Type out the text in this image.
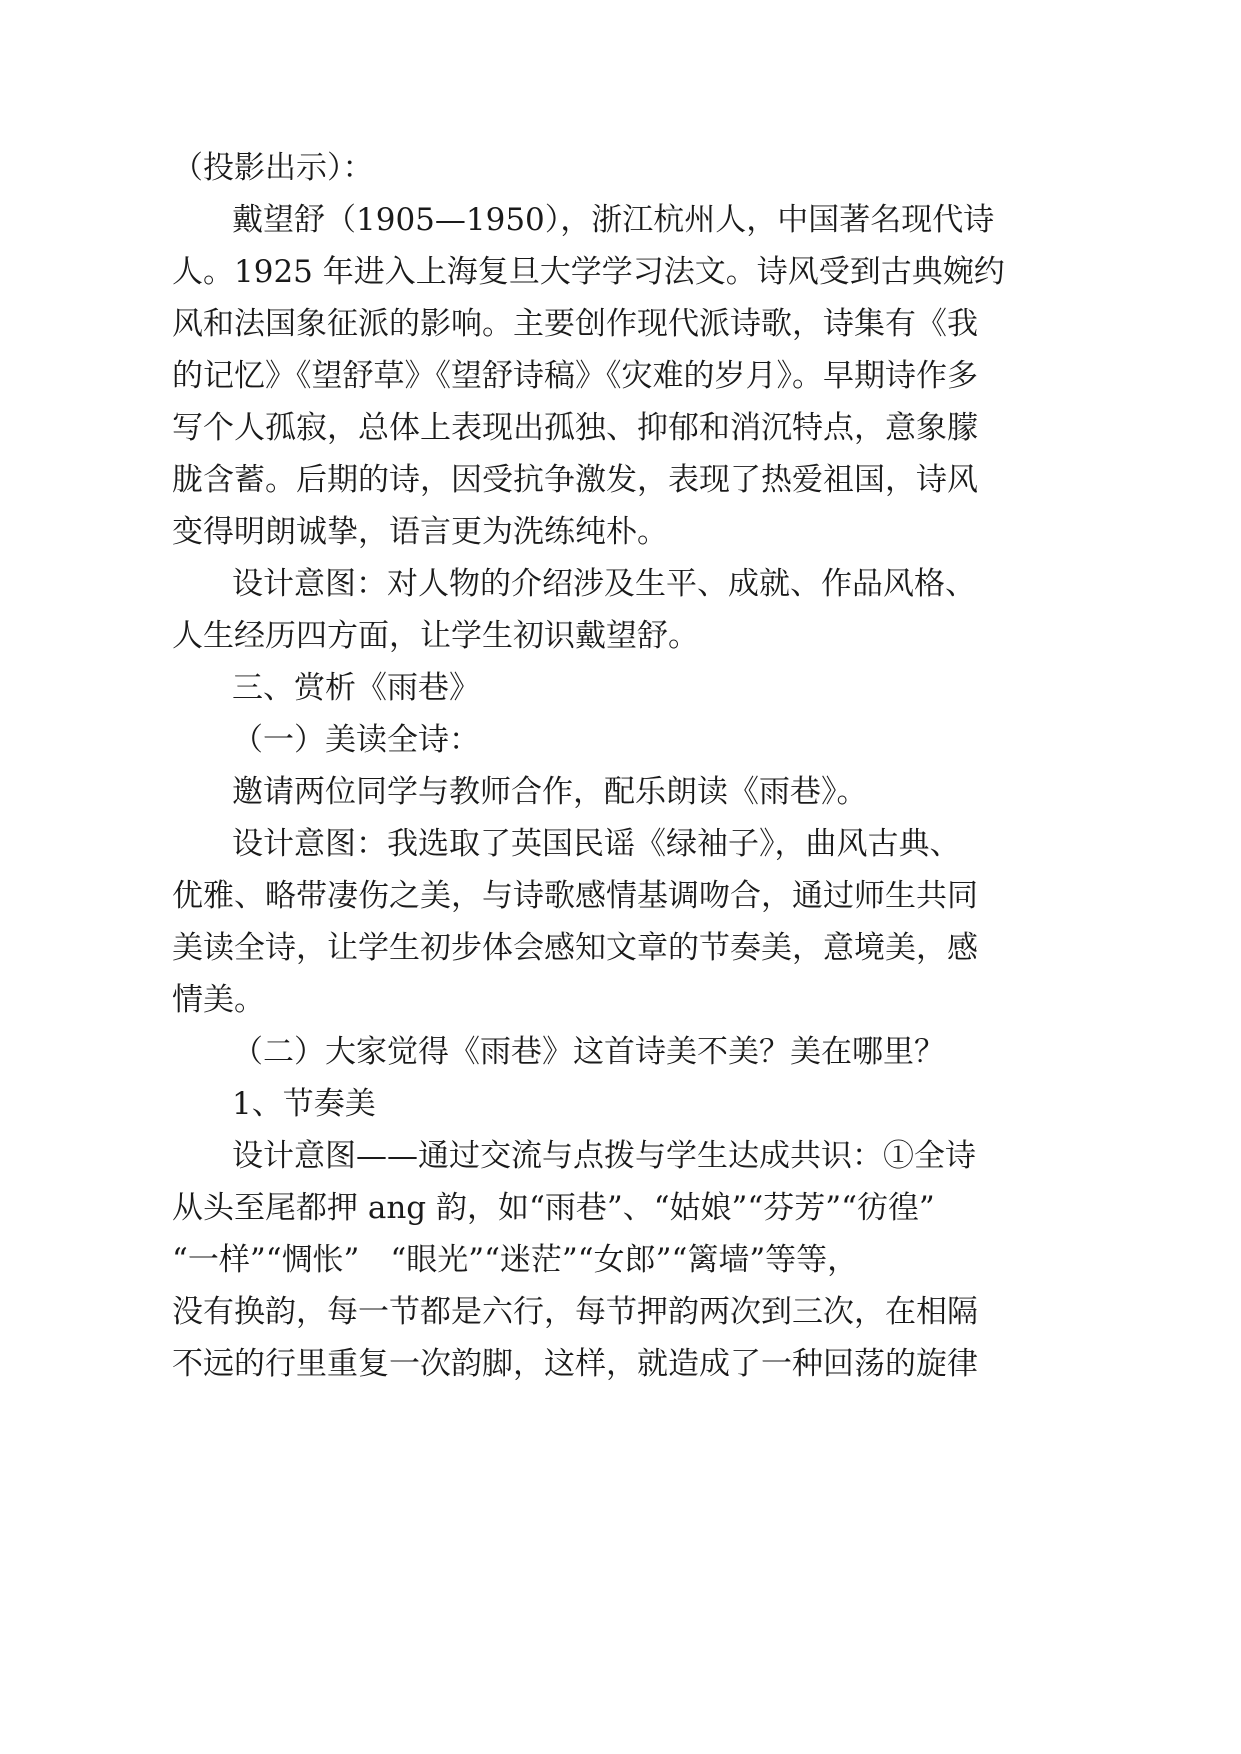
（投影出示）：

戴望舒（1905—1950），浙江杭州人，中国著名现代诗

人。1925 年进入上海复旦大学学习法文。诗风受到古典婉约

风和法国象征派的影响。主要创作现代派诗歌，诗集有《我

的记忆》《望舒草》《望舒诗稿》《灾难的岁月》。早期诗作多

写个人孤寂，总体上表现出孤独、抑郁和消沉特点，意象朦

胧含蓄。后期的诗，因受抗争激发，表现了热爱祖国，诗风

变得明朗诚挚，语言更为洗练纯朴。

设计意图：对人物的介绍涉及生平、成就、作品风格、

人生经历四方面，让学生初识戴望舒。

三、赏析《雨巷》

（一）美读全诗：

邀请两位同学与教师合作，配乐朗读《雨巷》。

设计意图：我选取了英国民谣《绿袖子》，曲风古典、

优雅、略带凄伤之美，与诗歌感情基调吻合，通过师生共同

美读全诗，让学生初步体会感知文章的节奏美，意境美，感

情美。

（二）大家觉得《雨巷》这首诗美不美？美在哪里？

1、节奏美

设计意图——通过交流与点拨与学生达成共识：①全诗

从头至尾都押 ang 韵，如“雨巷”、“姑娘”“芬芳”“彷徨”

“一样”“惆怅”　“眼光”“迷茫”“女郎”“篱墙”等等，

没有换韵，每一节都是六行，每节押韵两次到三次，在相隔

不远的行里重复一次韵脚，这样，就造成了一种回荡的旋律
